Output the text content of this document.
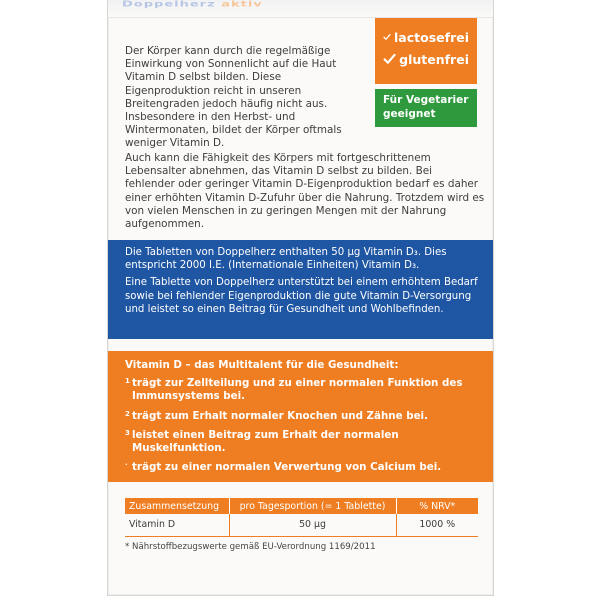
Doppelherz aktiv
Der Körper kann durch die regelmäßige Einwirkung von Sonnenlicht auf die Haut Vitamin D selbst bilden. Diese Eigenproduktion reicht in unseren Breitengraden jedoch häufig nicht aus. Insbesondere in den Herbst- und Wintermonaten, bildet der Körper oftmals weniger Vitamin D.
Auch kann die Fähigkeit des Körpers mit fortgeschrittenem Lebensalter abnehmen, das Vitamin D selbst zu bilden. Bei fehlender oder geringer Vitamin D-Eigenproduktion bedarf es daher einer erhöhten Vitamin D-Zufuhr über die Nahrung. Trotzdem wird es von vielen Menschen in zu geringen Mengen mit der Nahrung aufgenommen.
lactosefrei
glutenfrei
Für Vegetarier geeignet

Die Tabletten von Doppelherz enthalten 50 µg Vitamin D₃. Dies entspricht 2000 I.E. (Internationale Einheiten) Vitamin D₃.

Eine Tablette von Doppelherz unterstützt bei einem erhöhtem Bedarf sowie bei fehlender Eigenproduktion die gute Vitamin D-Versorgung und leistet so einen Beitrag für Gesundheit und Wohlbefinden.

Vitamin D – das Multitalent für die Gesundheit:
1 trägt zur Zellteilung und zu einer normalen Funktion des Immunsystems bei.
2 trägt zum Erhalt normaler Knochen und Zähne bei.
3 leistet einen Beitrag zum Erhalt der normalen Muskelfunktion.
· trägt zu einer normalen Verwertung von Calcium bei.
Zusammensetzung	pro Tagesportion (= 1 Tablette)	% NRV*
Vitamin D	50 µg	1000 %
* Nährstoffbezugswerte gemäß EU-Verordnung 1169/2011
